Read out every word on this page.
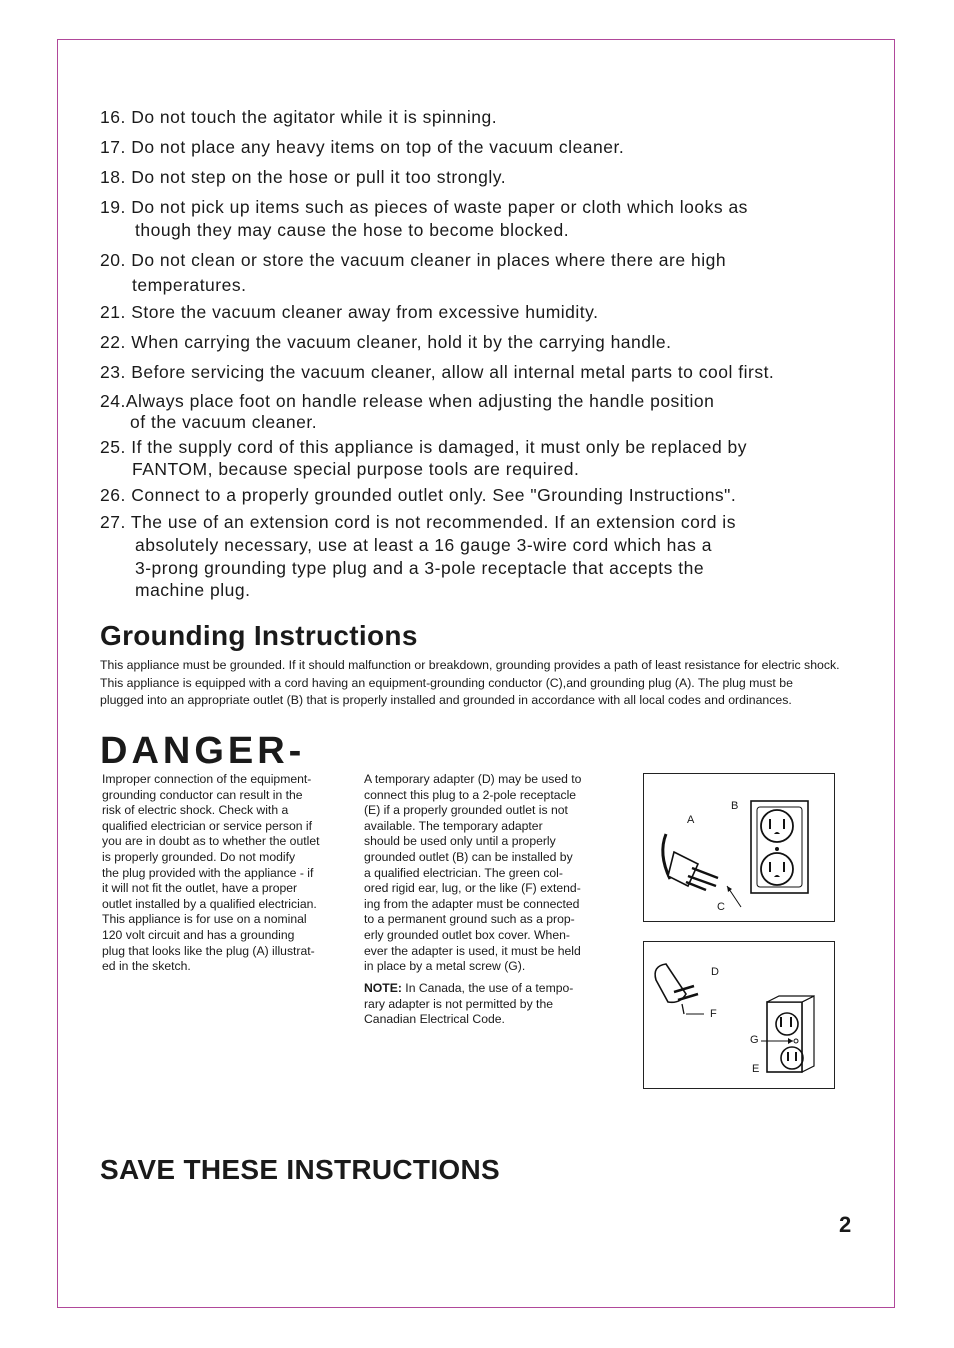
16. Do not touch the agitator while it is spinning.
17. Do not place any heavy items on top of the vacuum cleaner.
18. Do not step on the hose or pull it too strongly.
19. Do not pick up items such as pieces of waste paper or cloth which looks as
though they may cause the hose to become blocked.
20. Do not clean or store the vacuum cleaner in places where there are high
temperatures.
21. Store the vacuum cleaner away from excessive humidity.
22. When carrying the vacuum cleaner, hold it by the carrying handle.
23. Before servicing the vacuum cleaner, allow all internal metal parts to cool first.
24.Always place foot on handle release when adjusting the handle position
of the vacuum cleaner.
25. If the supply cord of this appliance is damaged, it must only be replaced by
FANTOM, because special purpose tools are required.
26. Connect to a properly grounded outlet only. See "Grounding Instructions".
27. The use of an extension cord is not recommended. If an extension cord is
absolutely necessary, use at least a 16 gauge 3-wire cord which has a
3-prong grounding type plug and a 3-pole receptacle that accepts the
machine plug.
Grounding Instructions

This appliance must be grounded. If it should malfunction or breakdown, grounding provides a path of least resistance for electric shock. This appliance is equipped with a cord having an equipment-grounding conductor (C),and grounding plug (A). The plug must be plugged into an appropriate outlet (B) that is properly installed and grounded in accordance with all local codes and ordinances.

DANGER-

Improper connection of the equipment-
grounding conductor can result in the
risk of electric shock. Check with a
qualified electrician or service person if
you are in doubt as to whether the outlet
is properly grounded. Do not modify
the plug provided with the appliance - if
it will not fit the outlet, have a proper
outlet installed by a qualified electrician.
This appliance is for use on a nominal
120 volt circuit and has a grounding
plug that looks like the plug (A) illustrat-
ed in the sketch.

A temporary adapter (D) may be used to
connect this plug to a 2-pole receptacle
(E) if a properly grounded outlet is not
available. The temporary adapter
should be used only until a properly
grounded outlet (B) can be installed by
a qualified electrician. The green col-
ored rigid ear, lug, or the like (F) extend-
ing from the adapter must be connected
to a permanent ground such as a prop-
erly grounded outlet box cover. When-
ever the adapter is used, it must be held
in place by a metal screw (G).

NOTE: In Canada, the use of a tempo-
rary adapter is not permitted by the
Canadian Electrical Code.

A
B
C
D
F
G
E
SAVE THESE INSTRUCTIONS
2
